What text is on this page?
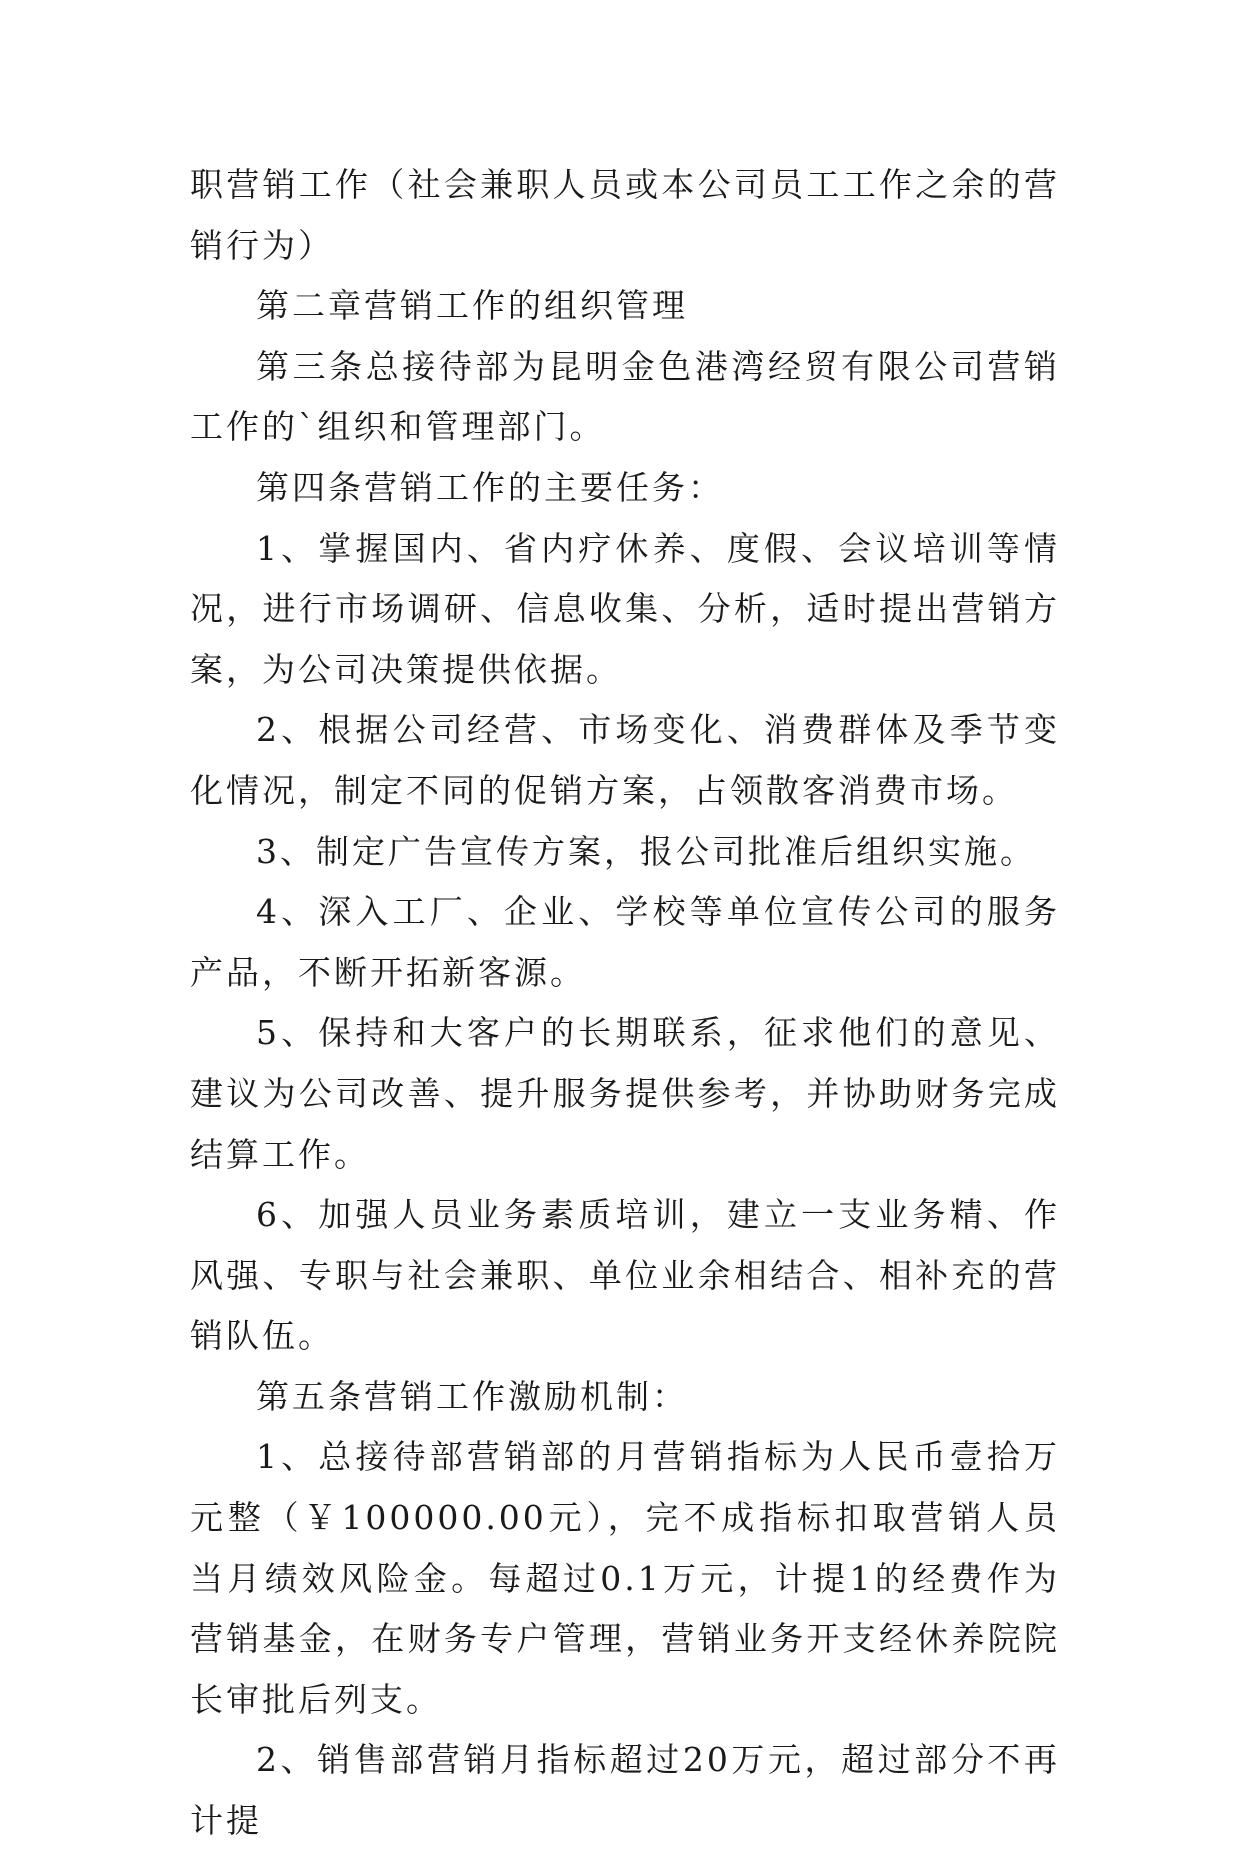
职营销工作（社会兼职人员或本公司员工工作之余的营销行为）

第二章营销工作的组织管理

第三条总接待部为昆明金色港湾经贸有限公司营销工作的`组织和管理部门。

第四条营销工作的主要任务：

1、掌握国内、省内疗休养、度假、会议培训等情况，进行市场调研、信息收集、分析，适时提出营销方案，为公司决策提供依据。

2、根据公司经营、市场变化、消费群体及季节变化情况，制定不同的促销方案，占领散客消费市场。

3、制定广告宣传方案，报公司批准后组织实施。

4、深入工厂、企业、学校等单位宣传公司的服务产品，不断开拓新客源。

5、保持和大客户的长期联系，征求他们的意见、建议为公司改善、提升服务提供参考，并协助财务完成结算工作。

6、加强人员业务素质培训，建立一支业务精、作风强、专职与社会兼职、单位业余相结合、相补充的营销队伍。

第五条营销工作激励机制：

1、总接待部营销部的月营销指标为人民币壹拾万元整（￥100000.00元），完不成指标扣取营销人员当月绩效风险金。每超过0.1万元，计提1的经费作为营销基金，在财务专户管理，营销业务开支经休养院院长审批后列支。

2、销售部营销月指标超过20万元，超过部分不再计提
